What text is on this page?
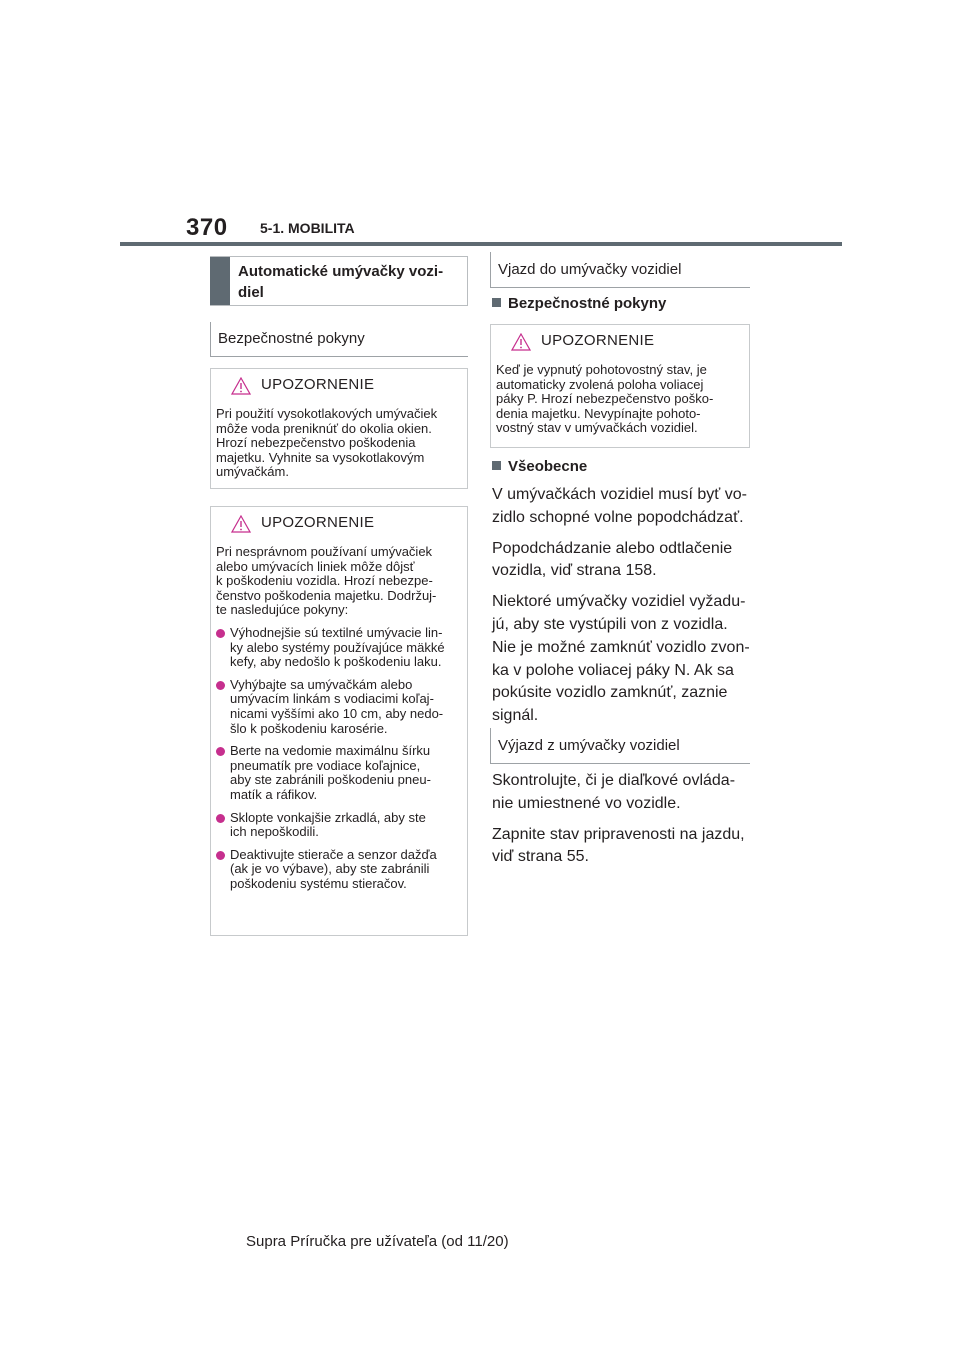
370 5-1. MOBILITA
Automatické umývačky vozi-
diel
Bezpečnostné pokyny
UPOZORNENIE

Pri použití vysokotlakových umývačiek
môže voda preniknúť do okolia okien.
Hrozí nebezpečenstvo poškodenia
majetku. Vyhnite sa vysokotlakovým
umývačkám.

UPOZORNENIE

Pri nesprávnom používaní umývačiek
alebo umývacích liniek môže dôjsť
k poškodeniu vozidla. Hrozí nebezpe-
čenstvo poškodenia majetku. Dodržuj-
te nasledujúce pokyny:

Výhodnejšie sú textilné umývacie lin-
ky alebo systémy používajúce mäkké
kefy, aby nedošlo k poškodeniu laku.
Vyhýbajte sa umývačkám alebo
umývacím linkám s vodiacimi koľaj-
nicami vyššími ako 10 cm, aby nedo-
šlo k poškodeniu karosérie.
Berte na vedomie maximálnu šírku
pneumatík pre vodiace koľajnice,
aby ste zabránili poškodeniu pneu-
matík a ráfikov.
Sklopte vonkajšie zrkadlá, aby ste
ich nepoškodili.
Deaktivujte stierače a senzor dažďa
(ak je vo výbave), aby ste zabránili
poškodeniu systému stieračov.
Vjazd do umývačky vozidiel
Bezpečnostné pokyny
UPOZORNENIE

Keď je vypnutý pohotovostný stav, je
automaticky zvolená poloha voliacej
páky P. Hrozí nebezpečenstvo poško-
denia majetku. Nevypínajte pohoto-
vostný stav v umývačkách vozidiel.

Všeobecne

V umývačkách vozidiel musí byť vo-
zidlo schopné volne popodchádzať.

Popodchádzanie alebo odtlačenie
vozidla, viď strana 158.

Niektoré umývačky vozidiel vyžadu-
jú, aby ste vystúpili von z vozidla.
Nie je možné zamknúť vozidlo zvon-
ka v polohe voliacej páky N. Ak sa
pokúsite vozidlo zamknúť, zaznie
signál.

Výjazd z umývačky vozidiel

Skontrolujte, či je diaľkové ovláda-
nie umiestnené vo vozidle.

Zapnite stav pripravenosti na jazdu,
viď strana 55.

Supra Príručka pre užívateľa (od 11/20)
